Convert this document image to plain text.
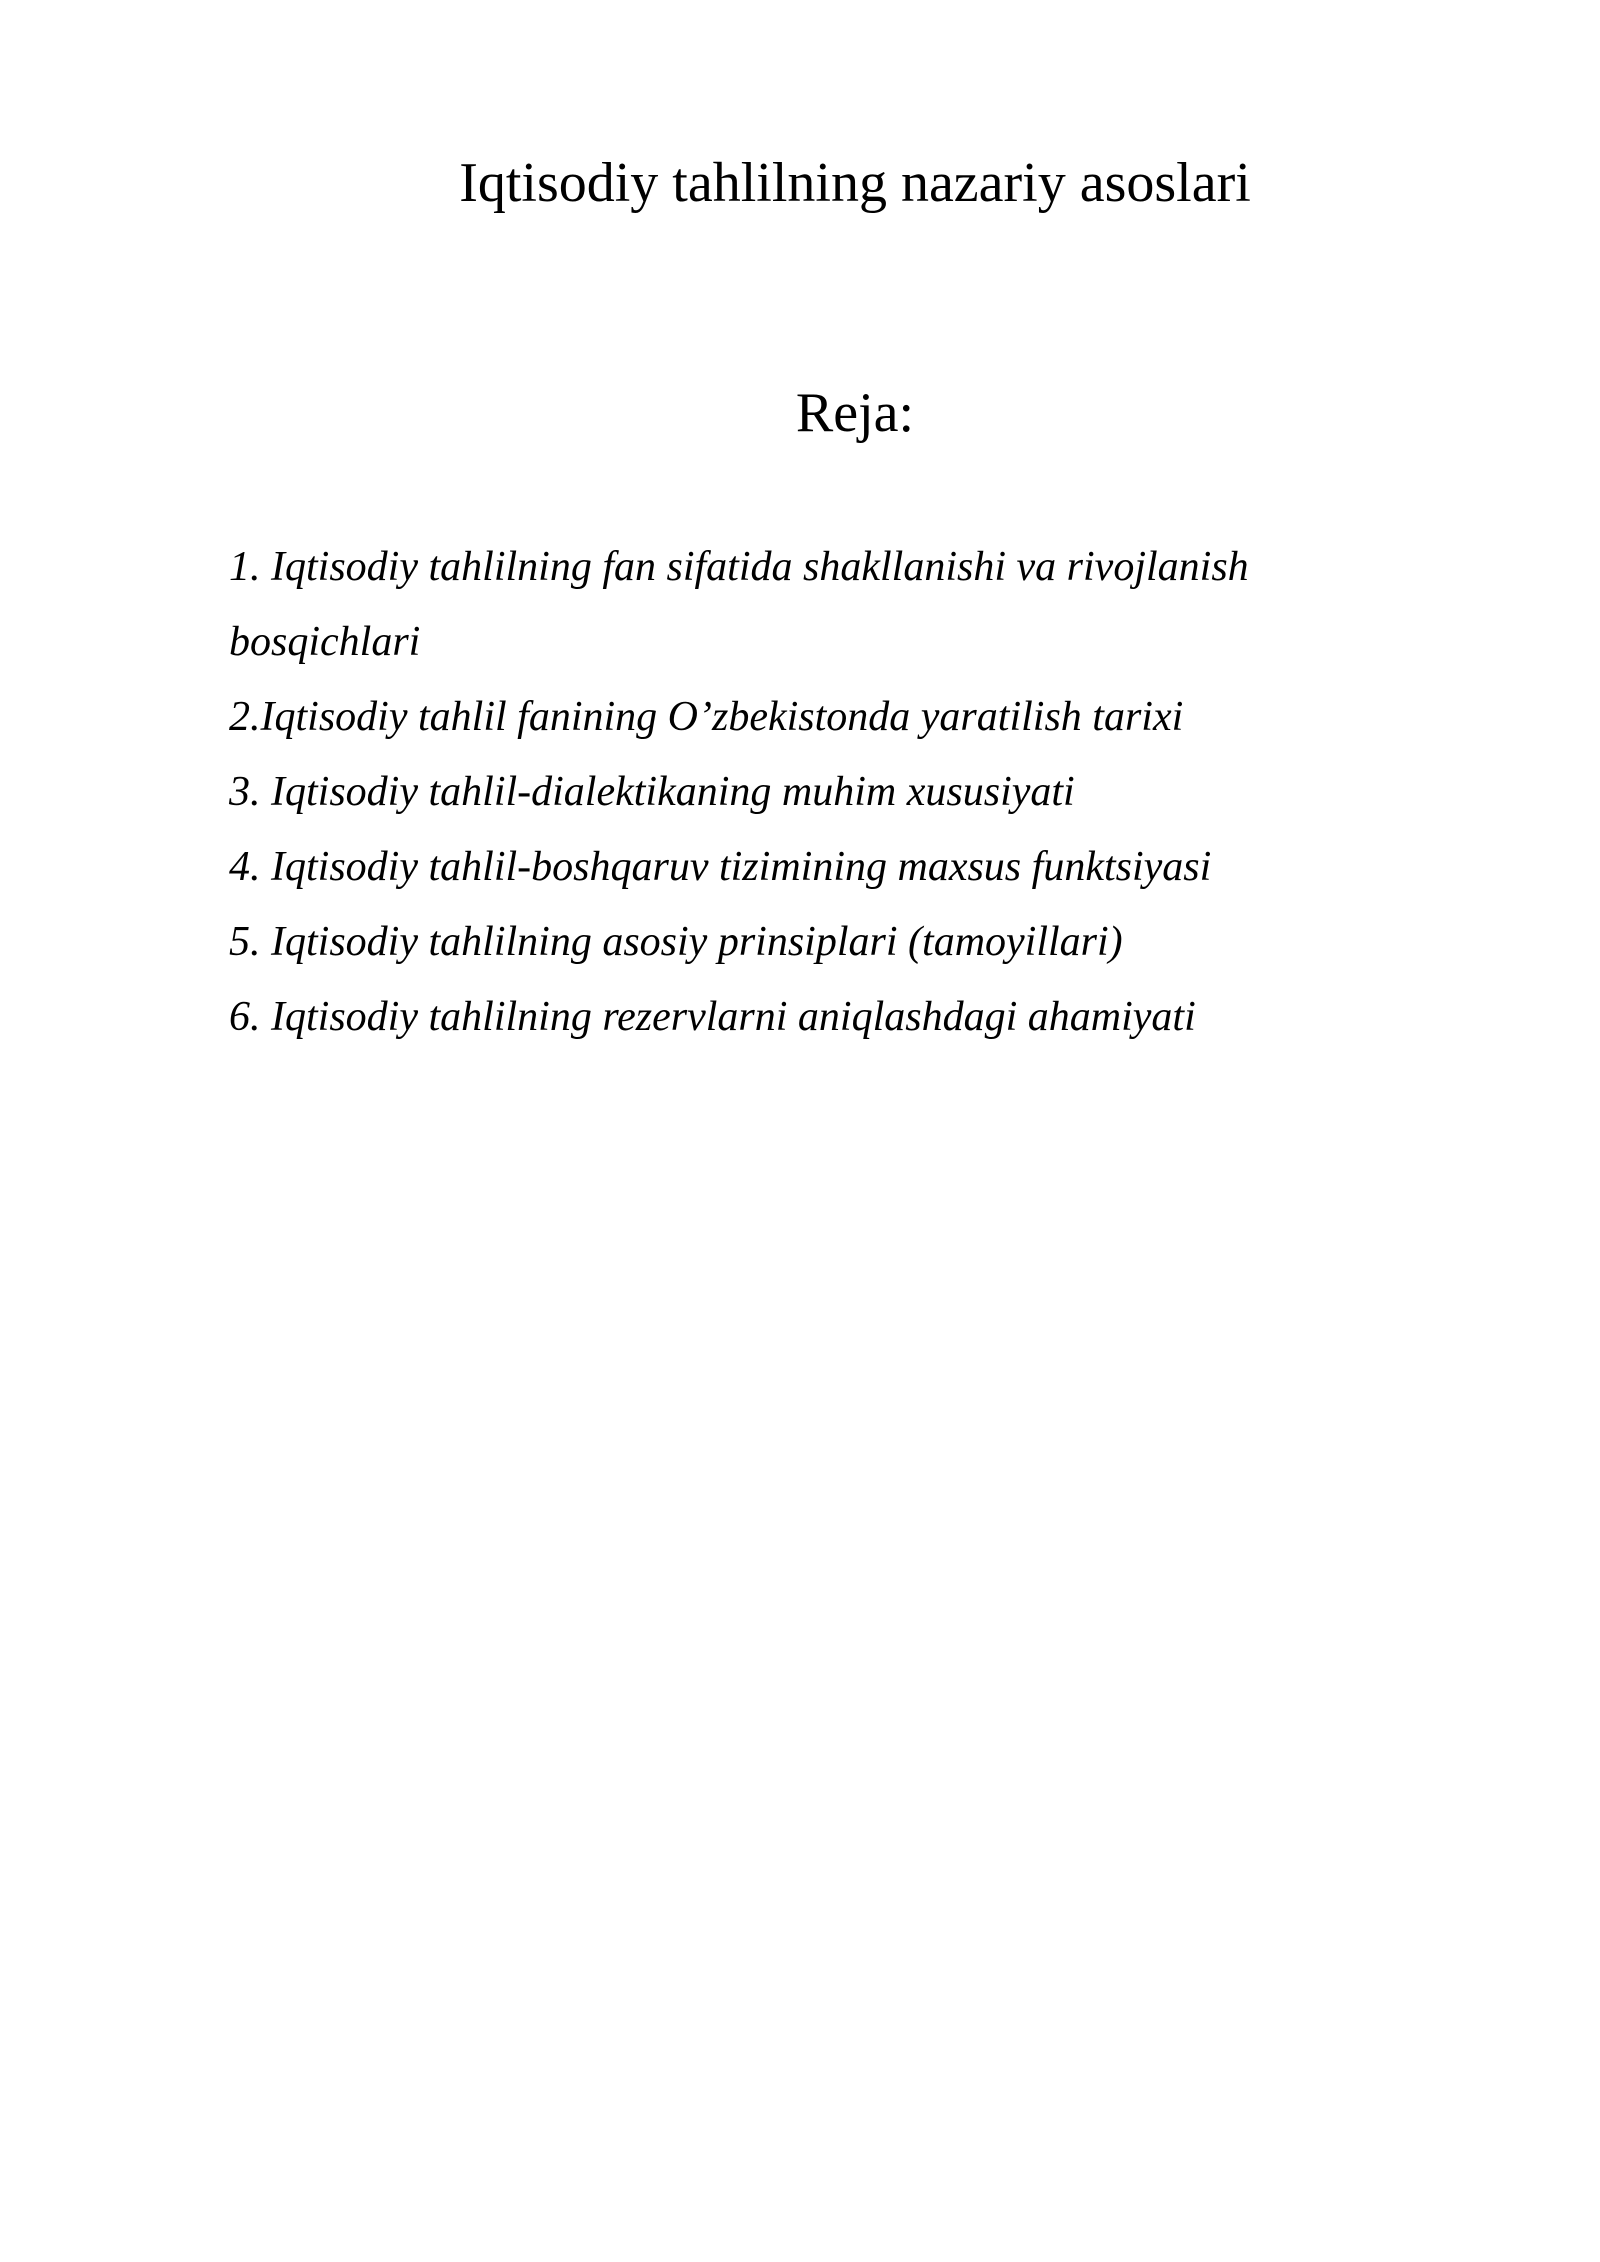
Iqtisodiy tahlilning nazariy asoslari
Reja:
1. Iqtisodiy tahlilning fan sifatida shakllanishi va rivojlanish bosqichlari
2.Iqtisodiy tahlil fanining O’zbekistonda yaratilish tarixi
3. Iqtisodiy tahlil-dialektikaning muhim xususiyati
4. Iqtisodiy tahlil-boshqaruv tizimining maxsus funktsiyasi
5. Iqtisodiy tahlilning asosiy prinsiplari (tamoyillari)
6. Iqtisodiy tahlilning rezervlarni aniqlashdagi ahamiyati
